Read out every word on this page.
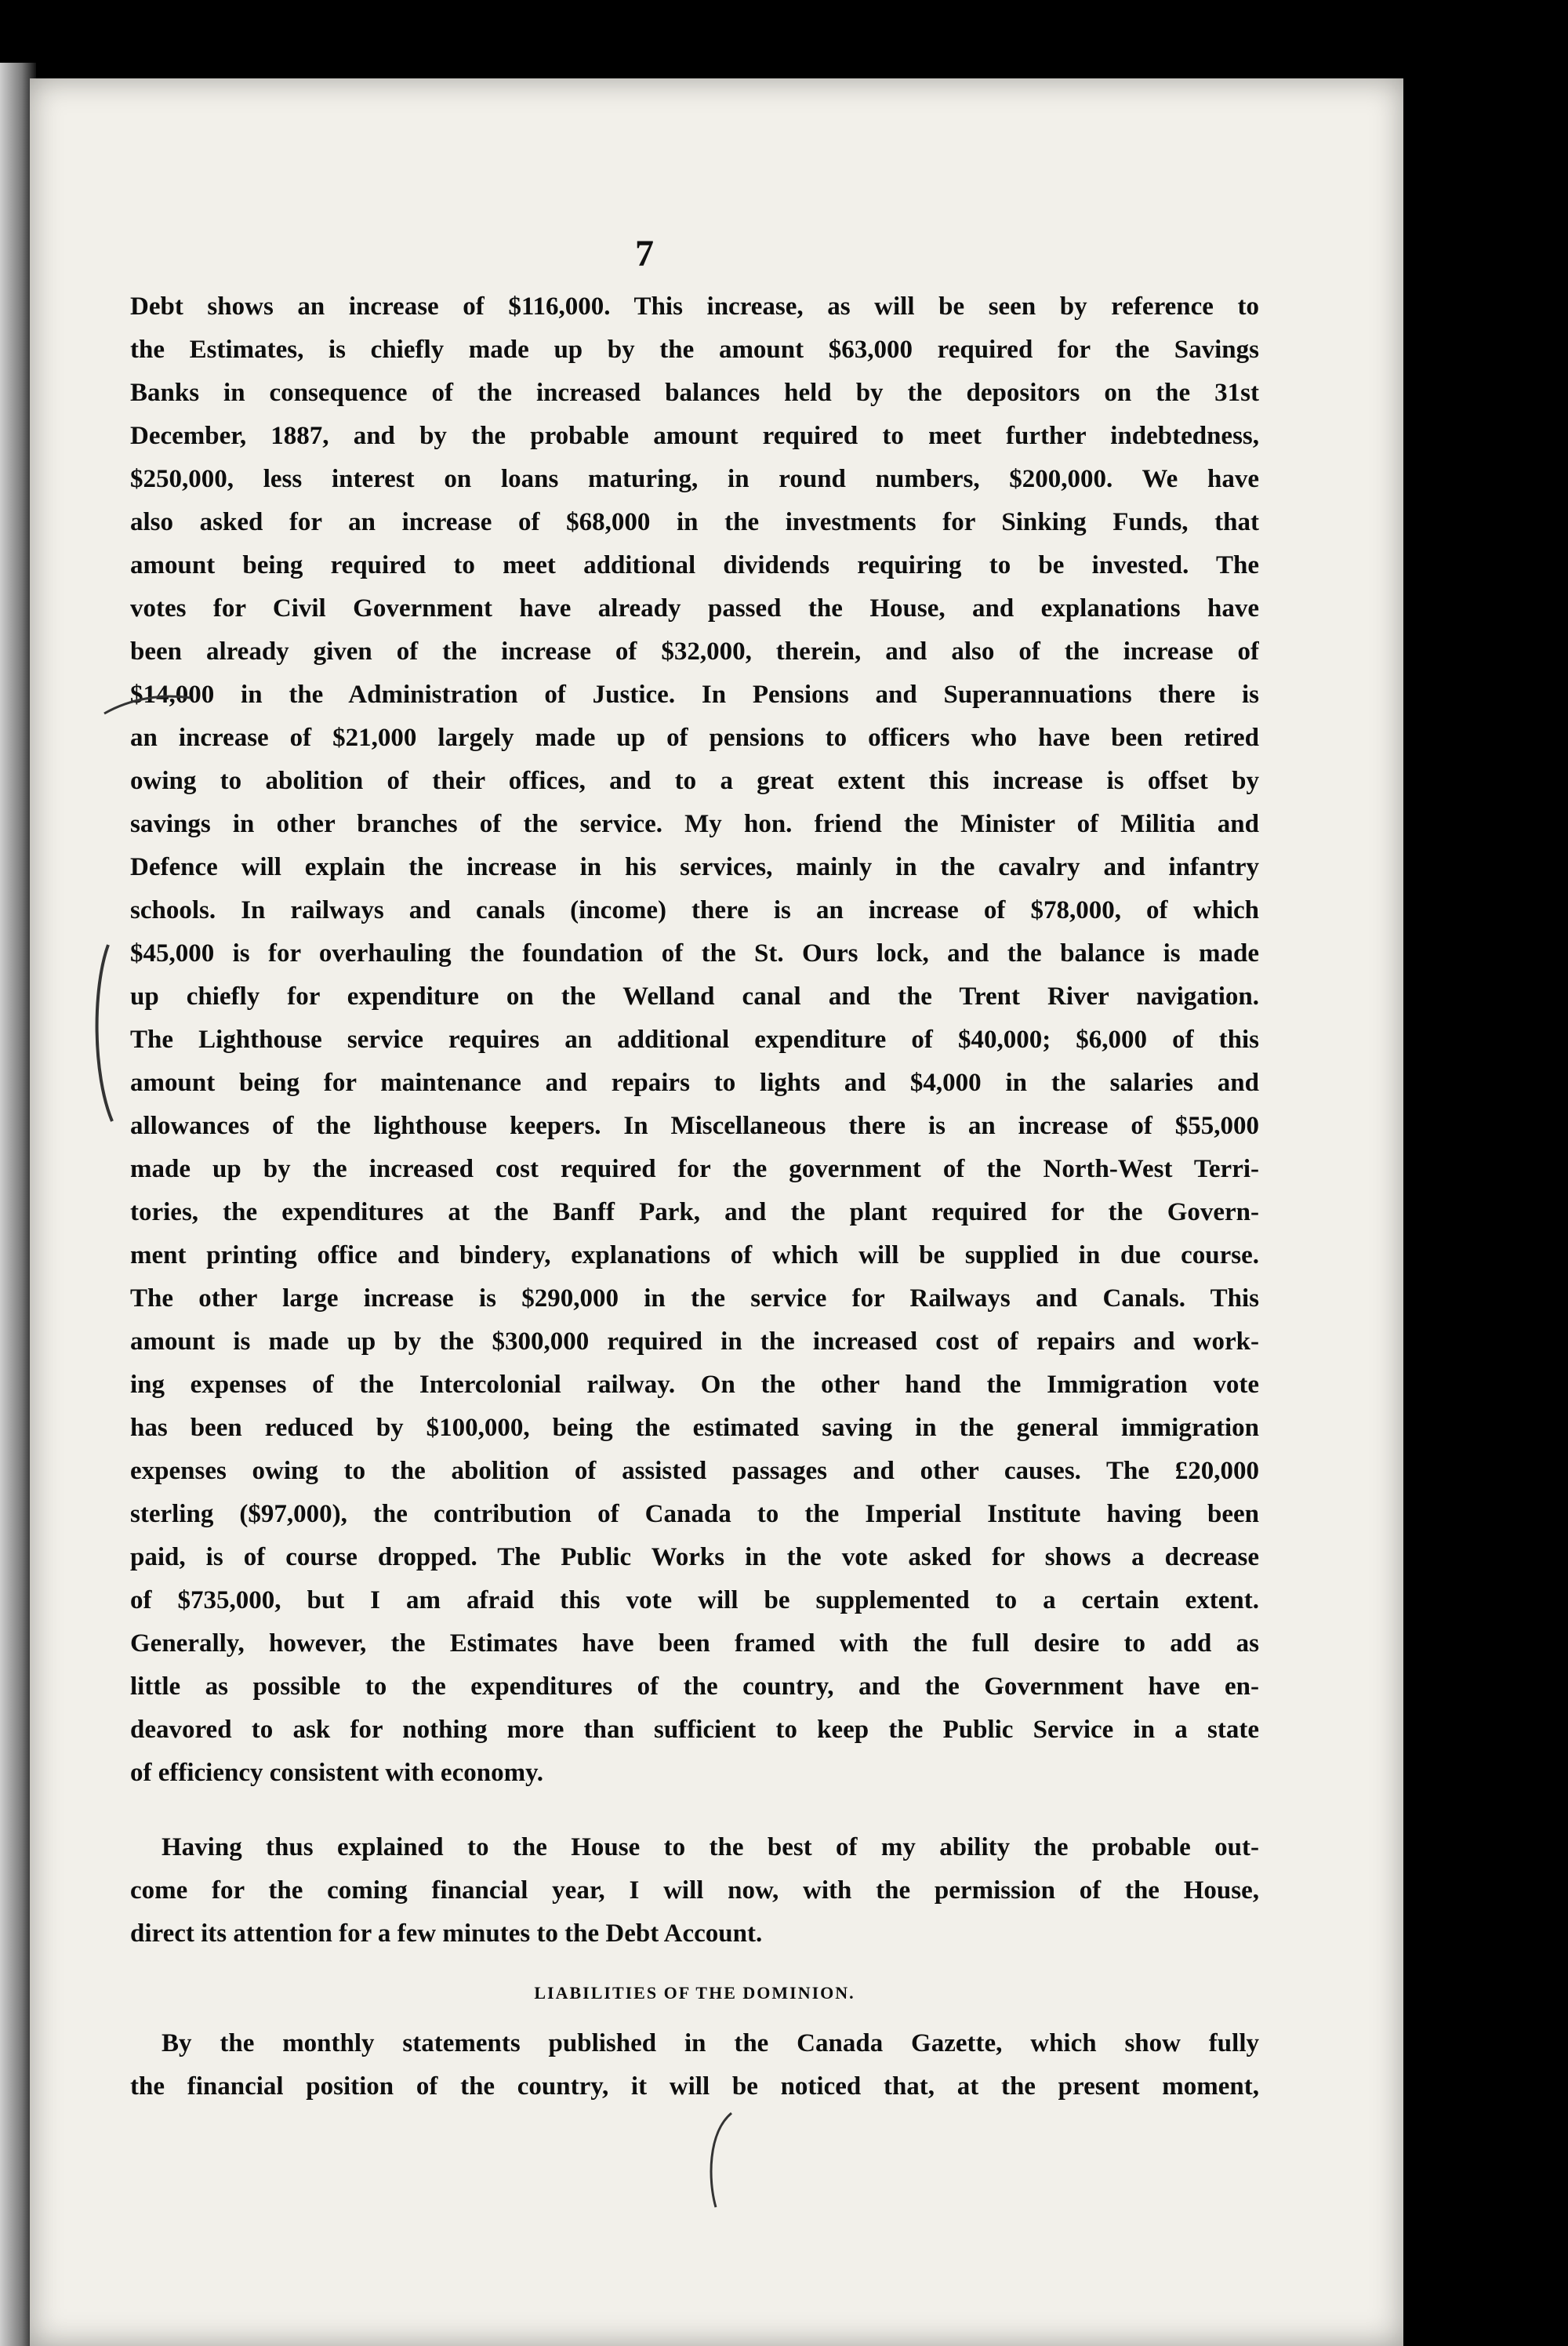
7
Debt shows an increase of $116,000. This increase, as will be seen by reference to
the Estimates, is chiefly made up by the amount $63,000 required for the Savings
Banks in consequence of the increased balances held by the depositors on the 31st
December, 1887, and by the probable amount required to meet further indebtedness,
$250,000, less interest on loans maturing, in round numbers, $200,000. We have
also asked for an increase of $68,000 in the investments for Sinking Funds, that
amount being required to meet additional dividends requiring to be invested. The
votes for Civil Government have already passed the House, and explanations have
been already given of the increase of $32,000, therein, and also of the increase of
$14,000 in the Administration of Justice. In Pensions and Superannuations there is
an increase of $21,000 largely made up of pensions to officers who have been retired
owing to abolition of their offices, and to a great extent this increase is offset by
savings in other branches of the service. My hon. friend the Minister of Militia and
Defence will explain the increase in his services, mainly in the cavalry and infantry
schools. In railways and canals (income) there is an increase of $78,000, of which
$45,000 is for overhauling the foundation of the St. Ours lock, and the balance is made
up chiefly for expenditure on the Welland canal and the Trent River navigation.
The Lighthouse service requires an additional expenditure of $40,000; $6,000 of this
amount being for maintenance and repairs to lights and $4,000 in the salaries and
allowances of the lighthouse keepers. In Miscellaneous there is an increase of $55,000
made up by the increased cost required for the government of the North-West Terri-
tories, the expenditures at the Banff Park, and the plant required for the Govern-
ment printing office and bindery, explanations of which will be supplied in due course.
The other large increase is $290,000 in the service for Railways and Canals. This
amount is made up by the $300,000 required in the increased cost of repairs and work-
ing expenses of the Intercolonial railway. On the other hand the Immigration vote
has been reduced by $100,000, being the estimated saving in the general immigration
expenses owing to the abolition of assisted passages and other causes. The £20,000
sterling ($97,000), the contribution of Canada to the Imperial Institute having been
paid, is of course dropped. The Public Works in the vote asked for shows a decrease
of $735,000, but I am afraid this vote will be supplemented to a certain extent.
Generally, however, the Estimates have been framed with the full desire to add as
little as possible to the expenditures of the country, and the Government have en-
deavored to ask for nothing more than sufficient to keep the Public Service in a state
of efficiency consistent with economy.
Having thus explained to the House to the best of my ability the probable out-
come for the coming financial year, I will now, with the permission of the House,
direct its attention for a few minutes to the Debt Account.
LIABILITIES OF THE DOMINION.
By the monthly statements published in the Canada Gazette, which show fully
the financial position of the country, it will be noticed that, at the present moment,
